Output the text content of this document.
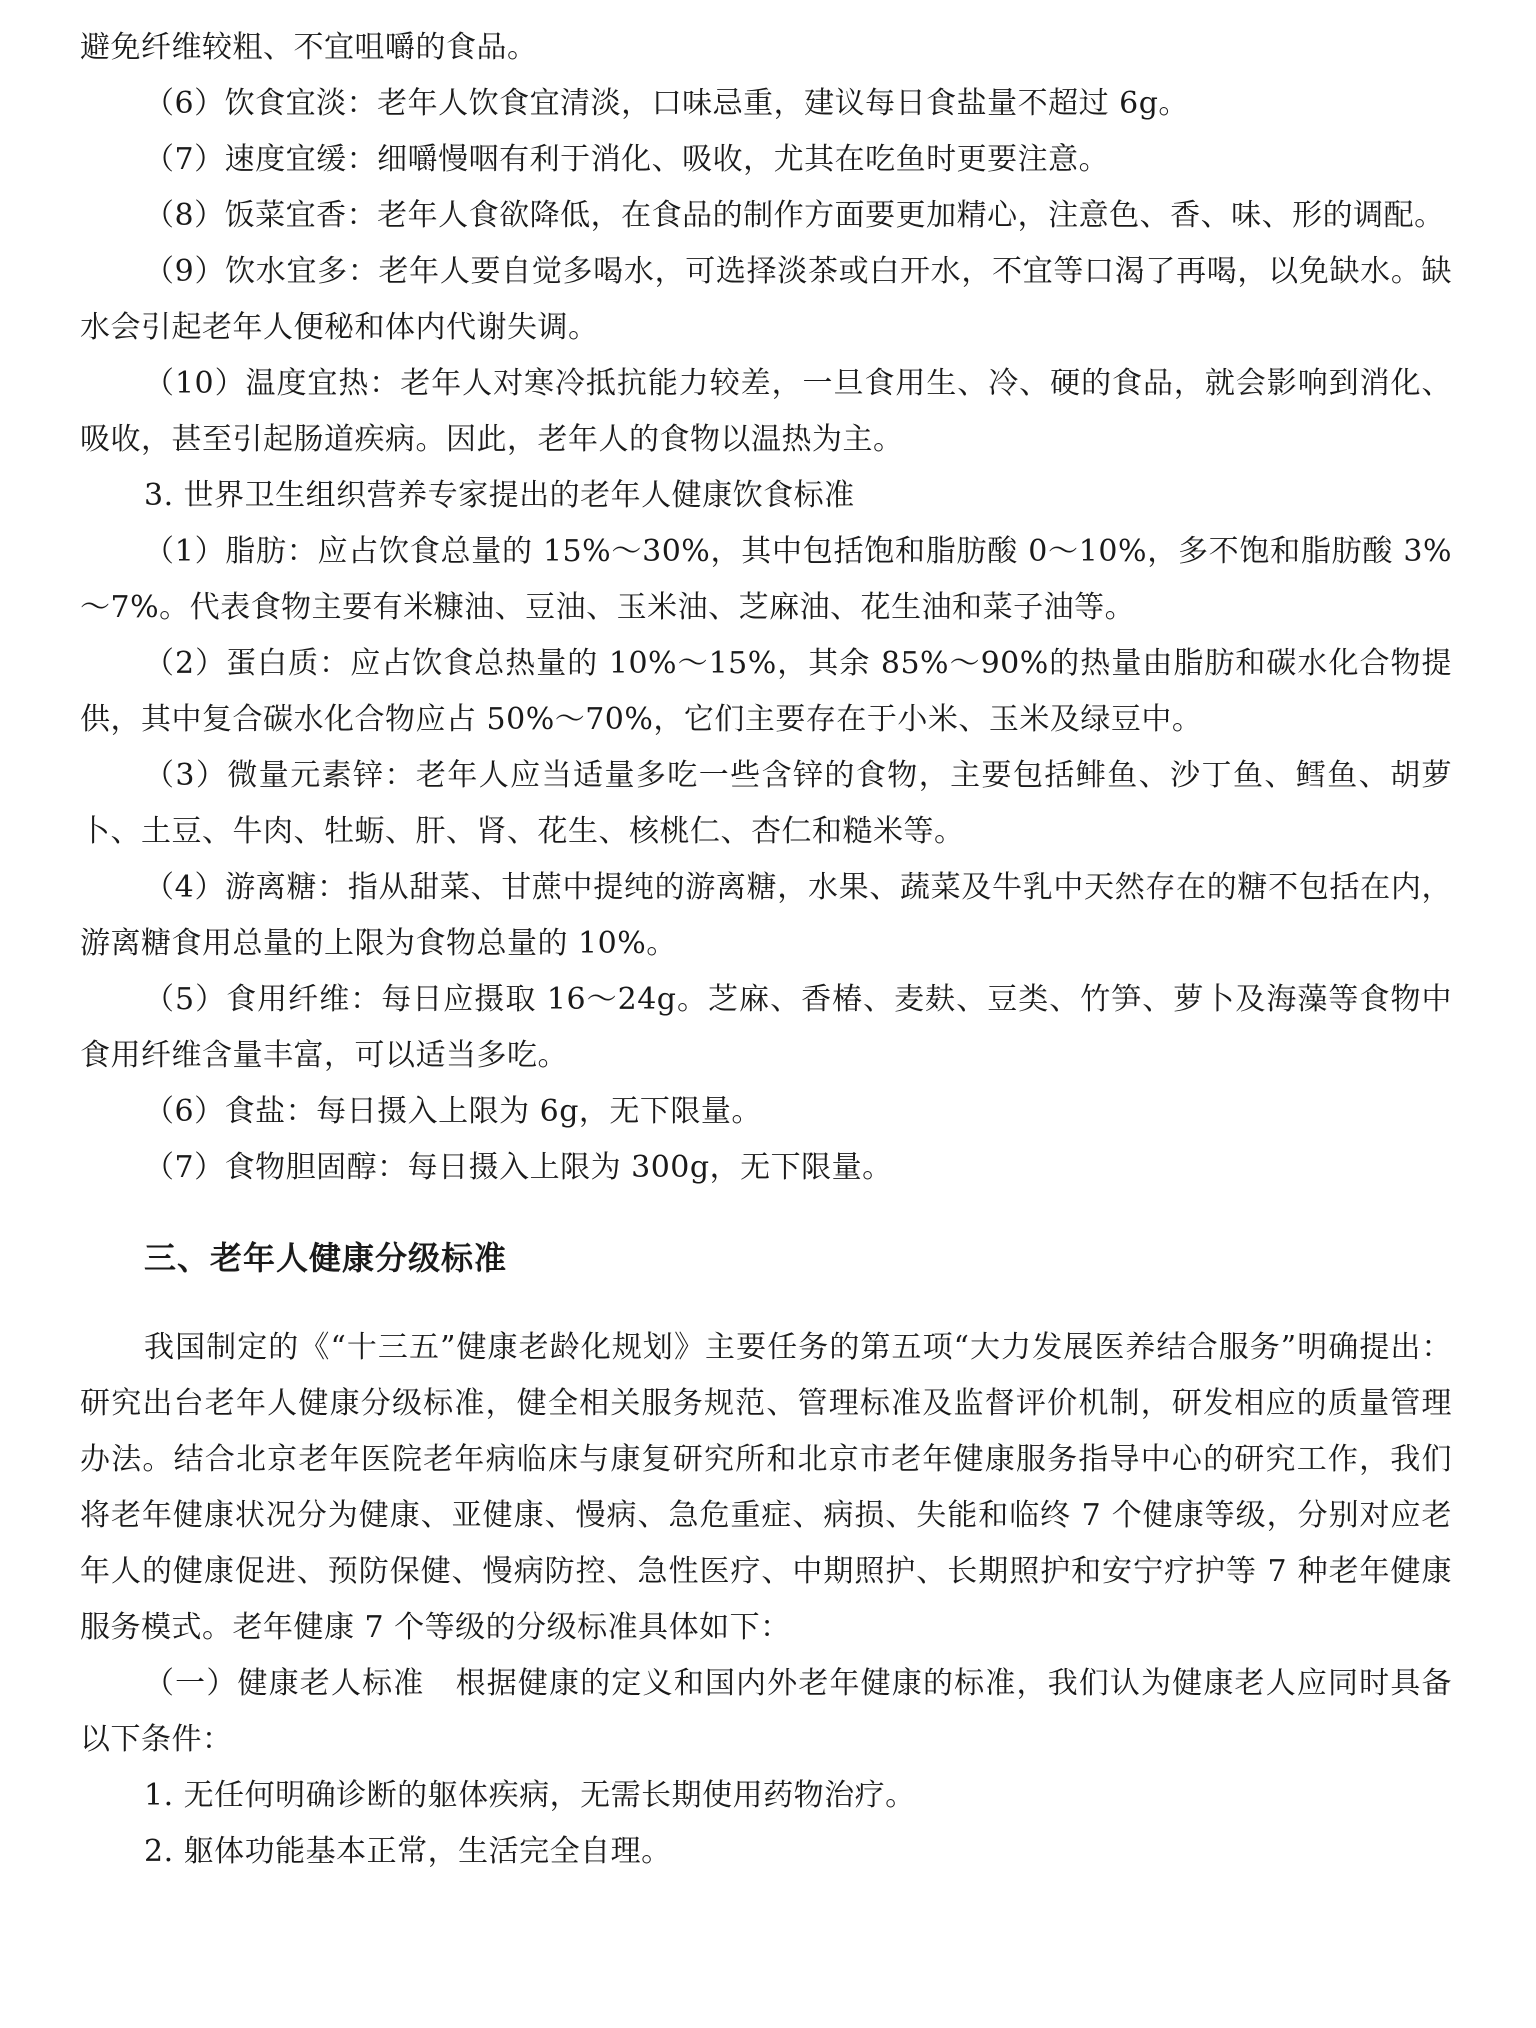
避免纤维较粗、不宜咀嚼的食品。

（6）饮食宜淡：老年人饮食宜清淡，口味忌重，建议每日食盐量不超过 6g。

（7）速度宜缓：细嚼慢咽有利于消化、吸收，尤其在吃鱼时更要注意。

（8）饭菜宜香：老年人食欲降低，在食品的制作方面要更加精心，注意色、香、味、形的调配。

（9）饮水宜多：老年人要自觉多喝水，可选择淡茶或白开水，不宜等口渴了再喝，以免缺水。缺水会引起老年人便秘和体内代谢失调。

（10）温度宜热：老年人对寒冷抵抗能力较差，一旦食用生、冷、硬的食品，就会影响到消化、吸收，甚至引起肠道疾病。因此，老年人的食物以温热为主。

3. 世界卫生组织营养专家提出的老年人健康饮食标准

（1）脂肪：应占饮食总量的 15%～30%，其中包括饱和脂肪酸 0～10%，多不饱和脂肪酸 3%～7%。代表食物主要有米糠油、豆油、玉米油、芝麻油、花生油和菜子油等。

（2）蛋白质：应占饮食总热量的 10%～15%，其余 85%～90%的热量由脂肪和碳水化合物提供，其中复合碳水化合物应占 50%～70%，它们主要存在于小米、玉米及绿豆中。

（3）微量元素锌：老年人应当适量多吃一些含锌的食物，主要包括鲱鱼、沙丁鱼、鳕鱼、胡萝卜、土豆、牛肉、牡蛎、肝、肾、花生、核桃仁、杏仁和糙米等。

（4）游离糖：指从甜菜、甘蔗中提纯的游离糖，水果、蔬菜及牛乳中天然存在的糖不包括在内，游离糖食用总量的上限为食物总量的 10%。

（5）食用纤维：每日应摄取 16～24g。芝麻、香椿、麦麸、豆类、竹笋、萝卜及海藻等食物中食用纤维含量丰富，可以适当多吃。

（6）食盐：每日摄入上限为 6g，无下限量。

（7）食物胆固醇：每日摄入上限为 300g，无下限量。

三、老年人健康分级标准

我国制定的《“十三五”健康老龄化规划》主要任务的第五项“大力发展医养结合服务”明确提出：研究出台老年人健康分级标准，健全相关服务规范、管理标准及监督评价机制，研发相应的质量管理办法。结合北京老年医院老年病临床与康复研究所和北京市老年健康服务指导中心的研究工作，我们将老年健康状况分为健康、亚健康、慢病、急危重症、病损、失能和临终 7 个健康等级，分别对应老年人的健康促进、预防保健、慢病防控、急性医疗、中期照护、长期照护和安宁疗护等 7 种老年健康服务模式。老年健康 7 个等级的分级标准具体如下：

（一）健康老人标准　根据健康的定义和国内外老年健康的标准，我们认为健康老人应同时具备以下条件：

1. 无任何明确诊断的躯体疾病，无需长期使用药物治疗。

2. 躯体功能基本正常，生活完全自理。
